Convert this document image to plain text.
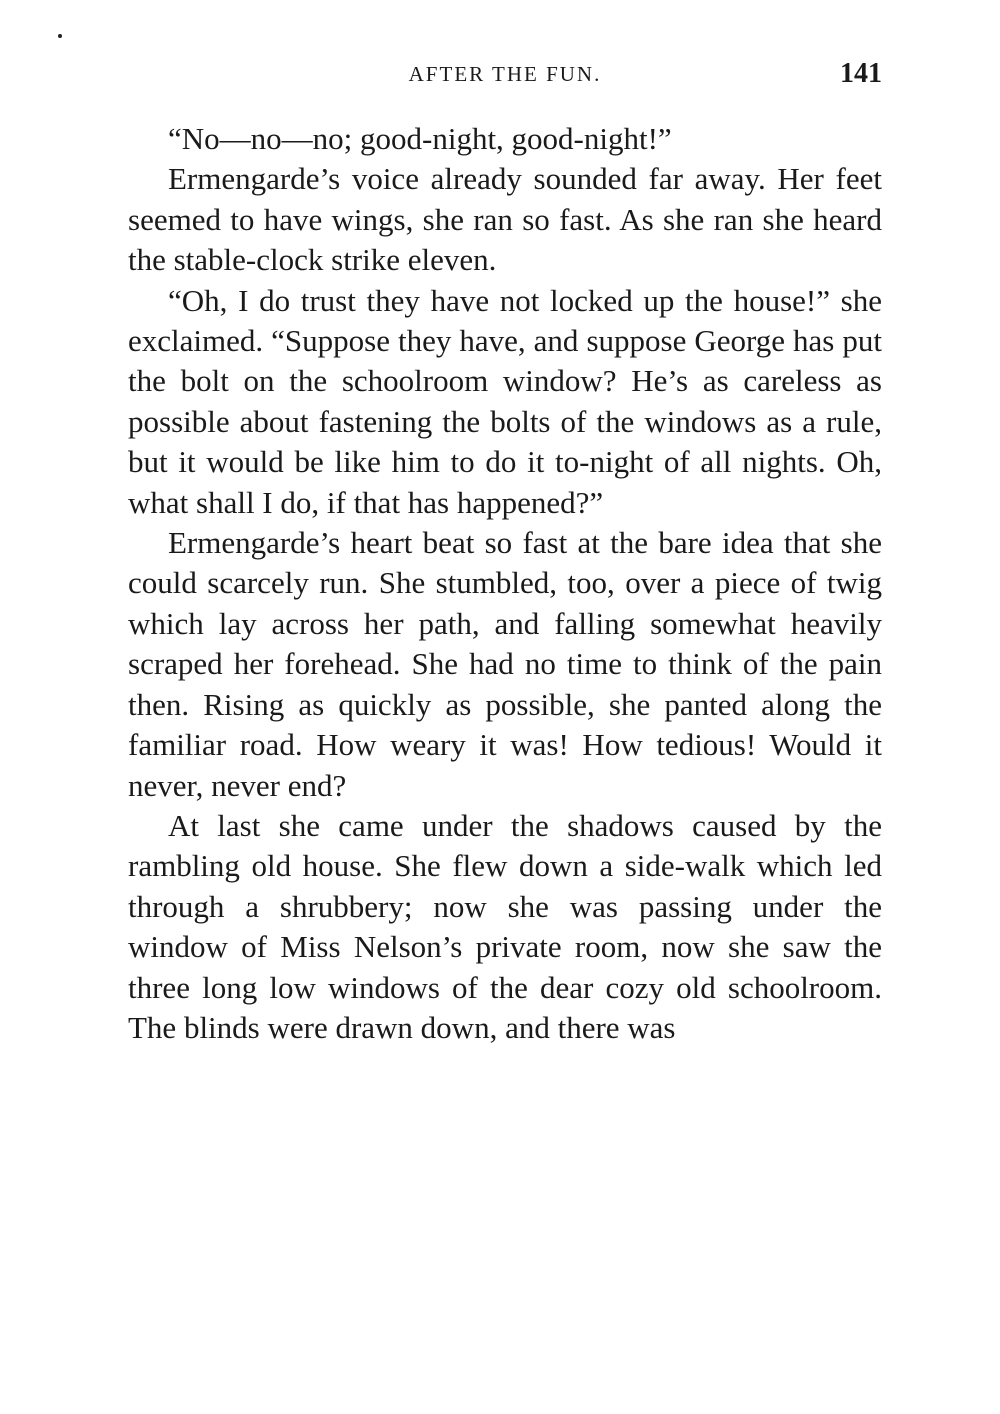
AFTER THE FUN.	141

“No—no—no; good-night, good-night!”

Ermengarde’s voice already sounded far away. Her feet seemed to have wings, she ran so fast. As she ran she heard the stable-clock strike eleven.

“Oh, I do trust they have not locked up the house!” she exclaimed. “Suppose they have, and suppose George has put the bolt on the schoolroom window? He’s as careless as possible about fastening the bolts of the windows as a rule, but it would be like him to do it to-night of all nights. Oh, what shall I do, if that has happened?”

Ermengarde’s heart beat so fast at the bare idea that she could scarcely run. She stumbled, too, over a piece of twig which lay across her path, and falling somewhat heavily scraped her forehead. She had no time to think of the pain then. Rising as quickly as possible, she panted along the familiar road. How weary it was! How tedious! Would it never, never end?

At last she came under the shadows caused by the rambling old house. She flew down a side-walk which led through a shrubbery; now she was passing under the window of Miss Nelson’s private room, now she saw the three long low windows of the dear cozy old schoolroom. The blinds were drawn down, and there was
